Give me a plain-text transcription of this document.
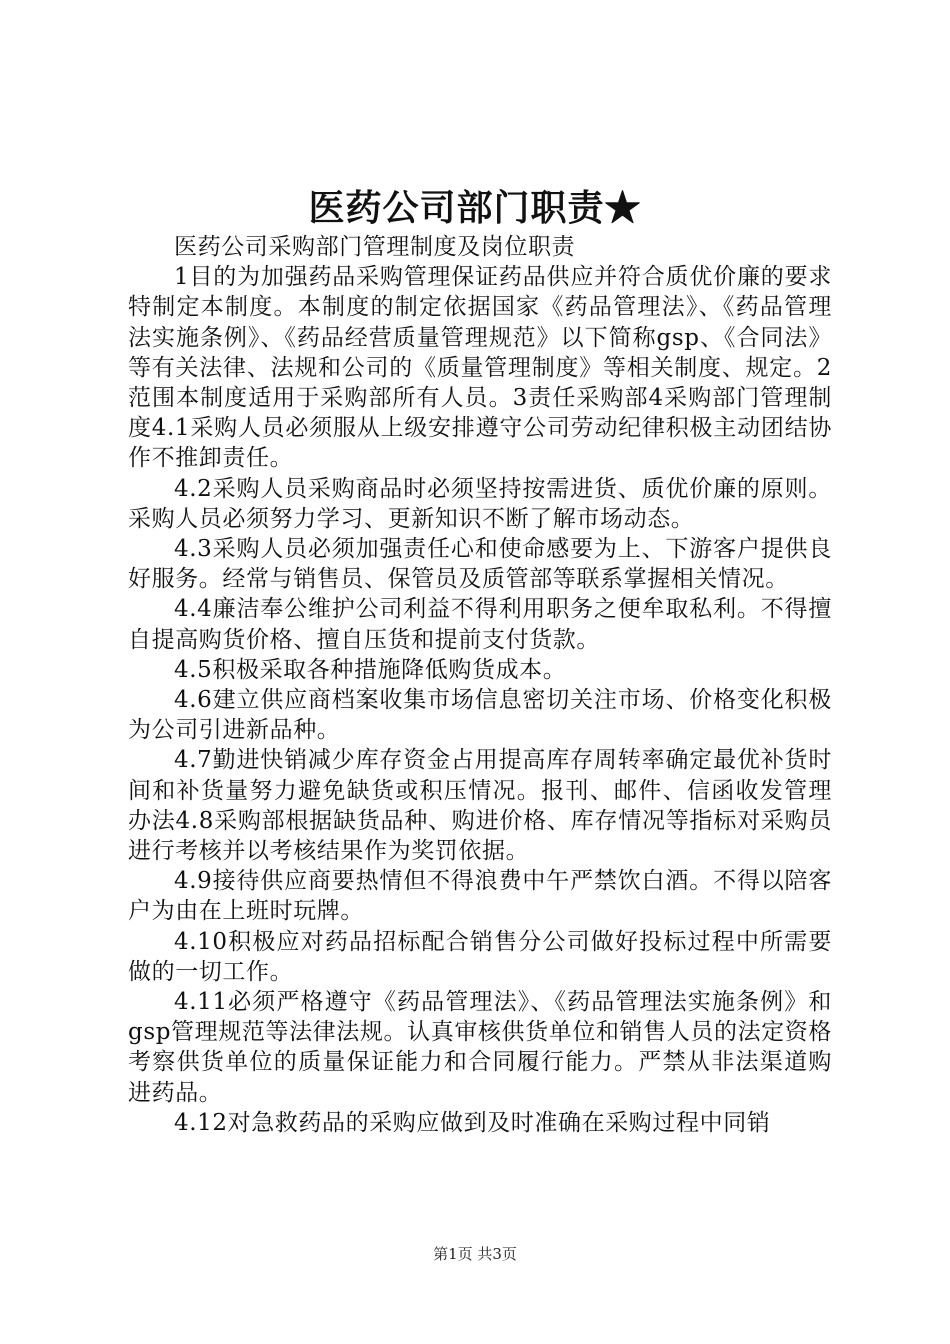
医药公司部门职责★

医药公司采购部门管理制度及岗位职责

1目的为加强药品采购管理保证药品供应并符合质优价廉的要求特制定本制度。本制度的制定依据国家《药品管理法》、《药品管理法实施条例》、《药品经营质量管理规范》以下简称gsp、《合同法》等有关法律、法规和公司的《质量管理制度》等相关制度、规定。2范围本制度适用于采购部所有人员。3责任采购部4采购部门管理制度4.1采购人员必须服从上级安排遵守公司劳动纪律积极主动团结协作不推卸责任。

4.2采购人员采购商品时必须坚持按需进货、质优价廉的原则。采购人员必须努力学习、更新知识不断了解市场动态。

4.3采购人员必须加强责任心和使命感要为上、下游客户提供良好服务。经常与销售员、保管员及质管部等联系掌握相关情况。

4.4廉洁奉公维护公司利益不得利用职务之便牟取私利。不得擅自提高购货价格、擅自压货和提前支付货款。

4.5积极采取各种措施降低购货成本。

4.6建立供应商档案收集市场信息密切关注市场、价格变化积极为公司引进新品种。

4.7勤进快销减少库存资金占用提高库存周转率确定最优补货时间和补货量努力避免缺货或积压情况。报刊、邮件、信函收发管理办法4.8采购部根据缺货品种、购进价格、库存情况等指标对采购员进行考核并以考核结果作为奖罚依据。

4.9接待供应商要热情但不得浪费中午严禁饮白酒。不得以陪客户为由在上班时玩牌。

4.10积极应对药品招标配合销售分公司做好投标过程中所需要做的一切工作。

4.11必须严格遵守《药品管理法》、《药品管理法实施条例》和gsp管理规范等法律法规。认真审核供货单位和销售人员的法定资格考察供货单位的质量保证能力和合同履行能力。严禁从非法渠道购进药品。

4.12对急救药品的采购应做到及时准确在采购过程中同销

第1页 共3页
